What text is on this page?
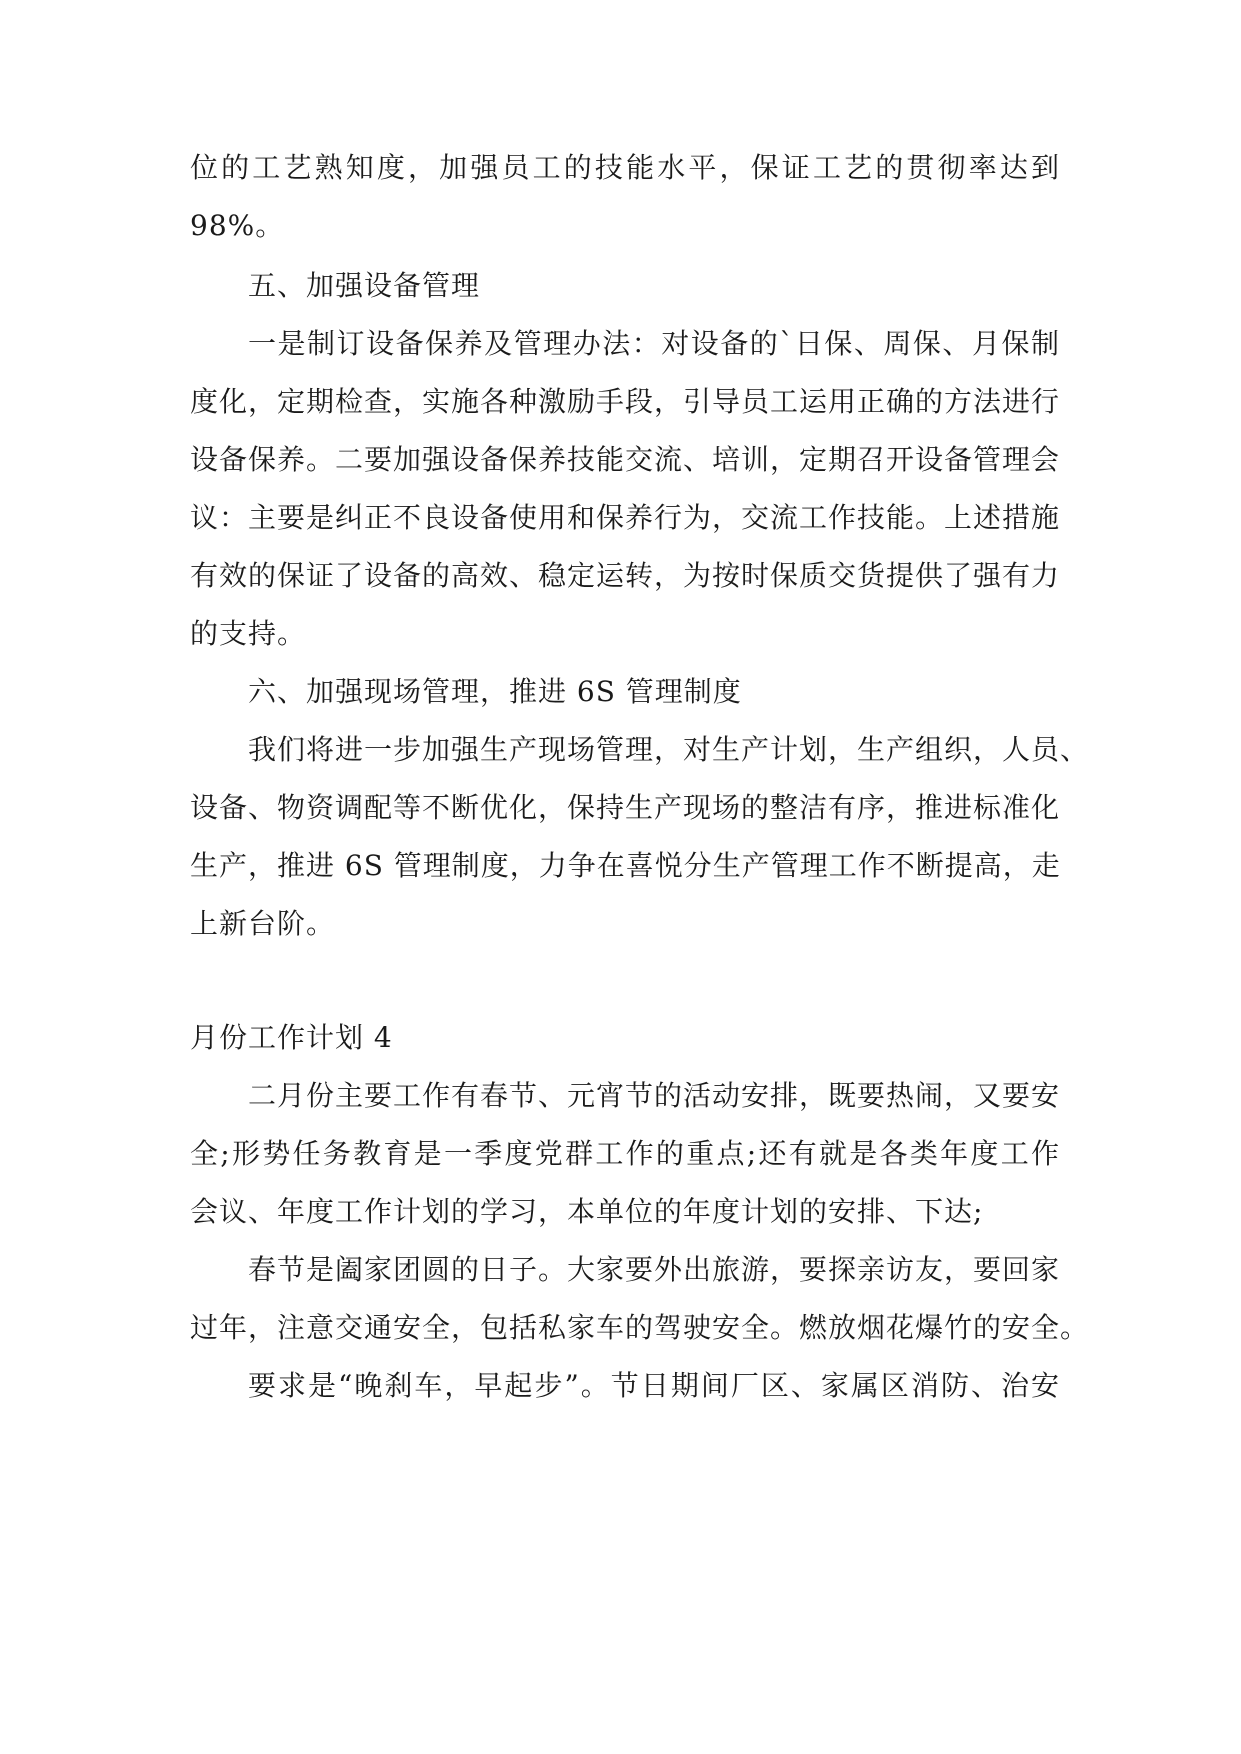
位的工艺熟知度，加强员工的技能水平，保证工艺的贯彻率达到
98%。
五、加强设备管理
一是制订设备保养及管理办法：对设备的`日保、周保、月保制
度化，定期检查，实施各种激励手段，引导员工运用正确的方法进行
设备保养。二要加强设备保养技能交流、培训，定期召开设备管理会
议：主要是纠正不良设备使用和保养行为，交流工作技能。上述措施
有效的保证了设备的高效、稳定运转，为按时保质交货提供了强有力
的支持。
六、加强现场管理，推进 6S 管理制度
我们将进一步加强生产现场管理，对生产计划，生产组织，人员、
设备、物资调配等不断优化，保持生产现场的整洁有序，推进标准化
生产，推进 6S 管理制度，力争在喜悦分生产管理工作不断提高，走
上新台阶。
月份工作计划 4
二月份主要工作有春节、元宵节的活动安排，既要热闹，又要安
全;形势任务教育是一季度党群工作的重点;还有就是各类年度工作
会议、年度工作计划的学习，本单位的年度计划的安排、下达;
春节是阖家团圆的日子。大家要外出旅游，要探亲访友，要回家
过年，注意交通安全，包括私家车的驾驶安全。燃放烟花爆竹的安全。
要求是“晚刹车，早起步”。节日期间厂区、家属区消防、治安
